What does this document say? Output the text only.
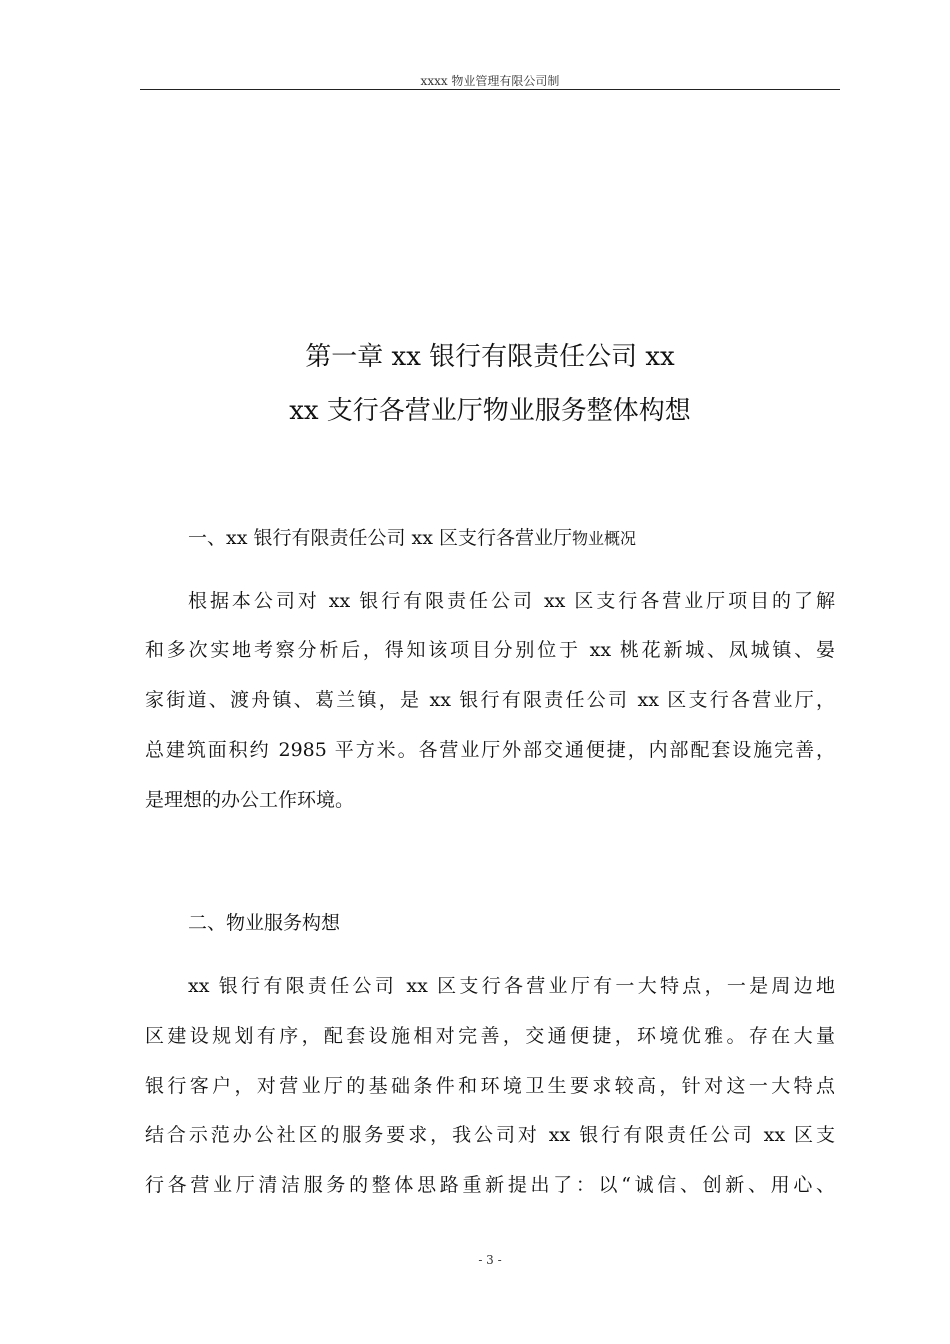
xxxx 物业管理有限公司制
第一章 xx 银行有限责任公司 xx
xx 支行各营业厅物业服务整体构想
一、xx 银行有限责任公司 xx 区支行各营业厅物业概况
根据本公司对 xx 银行有限责任公司 xx 区支行各营业厅项目的了解
和多次实地考察分析后，得知该项目分别位于 xx 桃花新城、凤城镇、晏
家街道、渡舟镇、葛兰镇，是 xx 银行有限责任公司 xx 区支行各营业厅，
总建筑面积约 2985 平方米。各营业厅外部交通便捷，内部配套设施完善，
是理想的办公工作环境。
二、物业服务构想
xx 银行有限责任公司 xx 区支行各营业厅有一大特点，一是周边地
区建设规划有序，配套设施相对完善，交通便捷，环境优雅。存在大量
银行客户，对营业厅的基础条件和环境卫生要求较高，针对这一大特点
结合示范办公社区的服务要求，我公司对 xx 银行有限责任公司 xx 区支
行各营业厅清洁服务的整体思路重新提出了：以“诚信、创新、用心、
- 3 -
